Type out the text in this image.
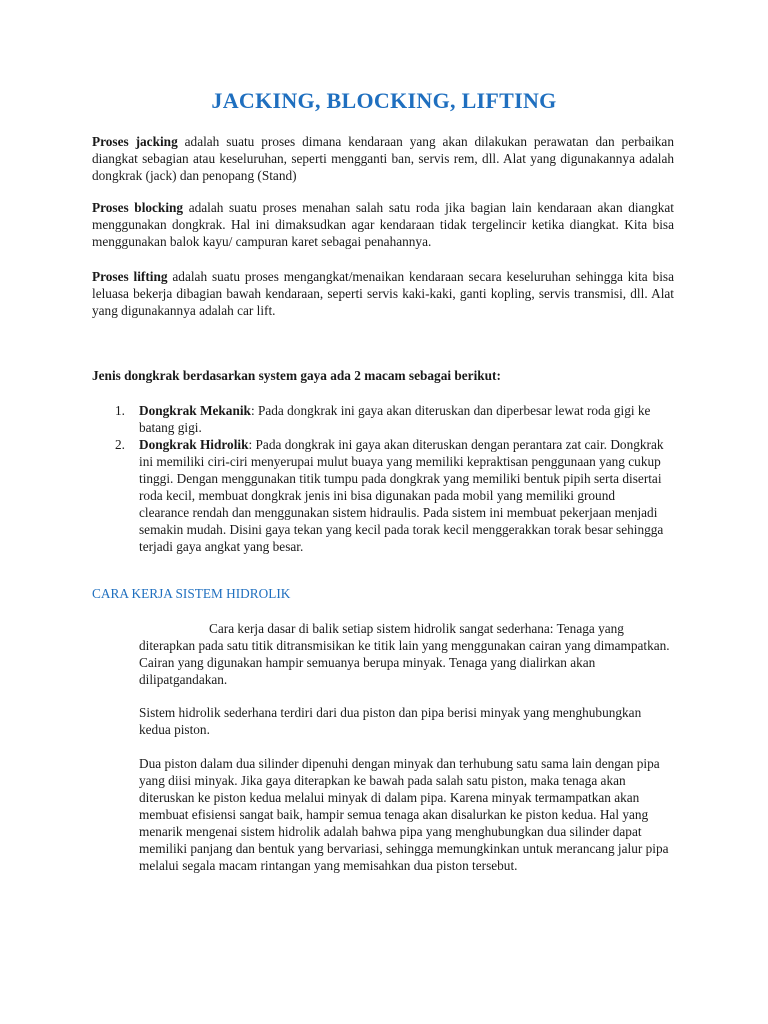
JACKING, BLOCKING, LIFTING

Proses jacking adalah suatu proses dimana kendaraan yang akan dilakukan perawatan dan perbaikan diangkat sebagian atau keseluruhan, seperti mengganti ban, servis rem, dll. Alat yang digunakannya adalah dongkrak (jack) dan penopang (Stand)

Proses blocking adalah suatu proses menahan salah satu roda jika bagian lain kendaraan akan diangkat menggunakan dongkrak. Hal ini dimaksudkan agar kendaraan tidak tergelincir ketika diangkat. Kita bisa menggunakan balok kayu/ campuran karet sebagai penahannya.

Proses lifting adalah suatu proses mengangkat/menaikan kendaraan secara keseluruhan sehingga kita bisa leluasa bekerja dibagian bawah kendaraan, seperti servis kaki-kaki, ganti kopling, servis transmisi, dll. Alat yang digunakannya adalah car lift.

Jenis dongkrak berdasarkan system gaya ada 2 macam sebagai berikut:

1. Dongkrak Mekanik: Pada dongkrak ini gaya akan diteruskan dan diperbesar lewat roda gigi ke batang gigi.
2. Dongkrak Hidrolik: Pada dongkrak ini gaya akan diteruskan dengan perantara zat cair. Dongkrak ini memiliki ciri-ciri menyerupai mulut buaya yang memiliki kepraktisan penggunaan yang cukup tinggi. Dengan menggunakan titik tumpu pada dongkrak yang memiliki bentuk pipih serta disertai roda kecil, membuat dongkrak jenis ini bisa digunakan pada mobil yang memiliki ground clearance rendah dan menggunakan sistem hidraulis. Pada sistem ini membuat pekerjaan menjadi semakin mudah. Disini gaya tekan yang kecil pada torak kecil menggerakkan torak besar sehingga terjadi gaya angkat yang besar.
CARA KERJA SISTEM HIDROLIK

Cara kerja dasar di balik setiap sistem hidrolik sangat sederhana: Tenaga yang diterapkan pada satu titik ditransmisikan ke titik lain yang menggunakan cairan yang dimampatkan. Cairan yang digunakan hampir semuanya berupa minyak. Tenaga yang dialirkan akan dilipatgandakan.

Sistem hidrolik sederhana terdiri dari dua piston dan pipa berisi minyak yang menghubungkan kedua piston.

Dua piston dalam dua silinder dipenuhi dengan minyak dan terhubung satu sama lain dengan pipa yang diisi minyak. Jika gaya diterapkan ke bawah pada salah satu piston, maka tenaga akan diteruskan ke piston kedua melalui minyak di dalam pipa. Karena minyak termampatkan akan membuat efisiensi sangat baik, hampir semua tenaga akan disalurkan ke piston kedua. Hal yang menarik mengenai sistem hidrolik adalah bahwa pipa yang menghubungkan dua silinder dapat memiliki panjang dan bentuk yang bervariasi, sehingga memungkinkan untuk merancang jalur pipa melalui segala macam rintangan yang memisahkan dua piston tersebut.
